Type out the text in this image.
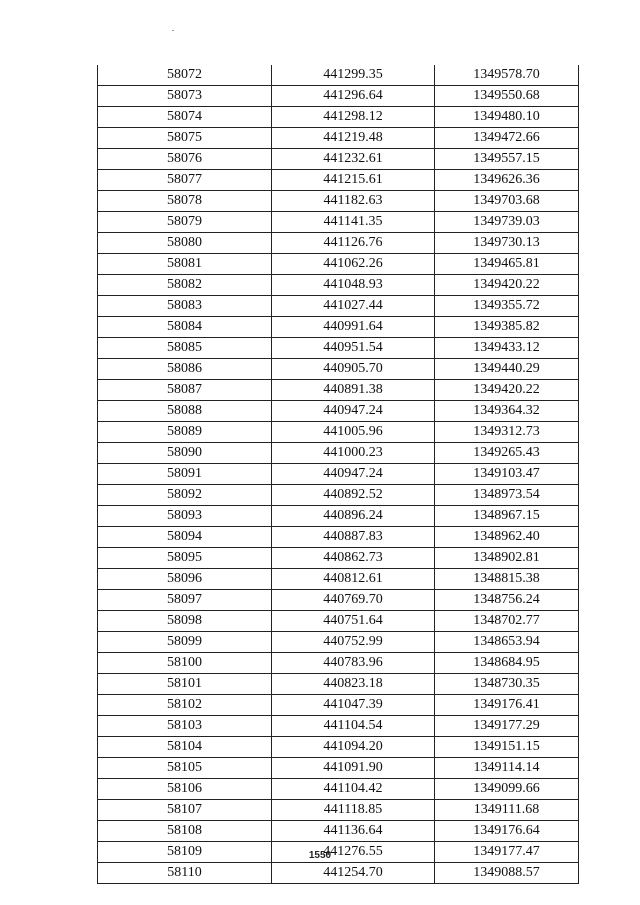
58072	441299.35	1349578.70
58073	441296.64	1349550.68
58074	441298.12	1349480.10
58075	441219.48	1349472.66
58076	441232.61	1349557.15
58077	441215.61	1349626.36
58078	441182.63	1349703.68
58079	441141.35	1349739.03
58080	441126.76	1349730.13
58081	441062.26	1349465.81
58082	441048.93	1349420.22
58083	441027.44	1349355.72
58084	440991.64	1349385.82
58085	440951.54	1349433.12
58086	440905.70	1349440.29
58087	440891.38	1349420.22
58088	440947.24	1349364.32
58089	441005.96	1349312.73
58090	441000.23	1349265.43
58091	440947.24	1349103.47
58092	440892.52	1348973.54
58093	440896.24	1348967.15
58094	440887.83	1348962.40
58095	440862.73	1348902.81
58096	440812.61	1348815.38
58097	440769.70	1348756.24
58098	440751.64	1348702.77
58099	440752.99	1348653.94
58100	440783.96	1348684.95
58101	440823.18	1348730.35
58102	441047.39	1349176.41
58103	441104.54	1349177.29
58104	441094.20	1349151.15
58105	441091.90	1349114.14
58106	441104.42	1349099.66
58107	441118.85	1349111.68
58108	441136.64	1349176.64
58109	441276.55	1349177.47
58110	441254.70	1349088.57
1550
